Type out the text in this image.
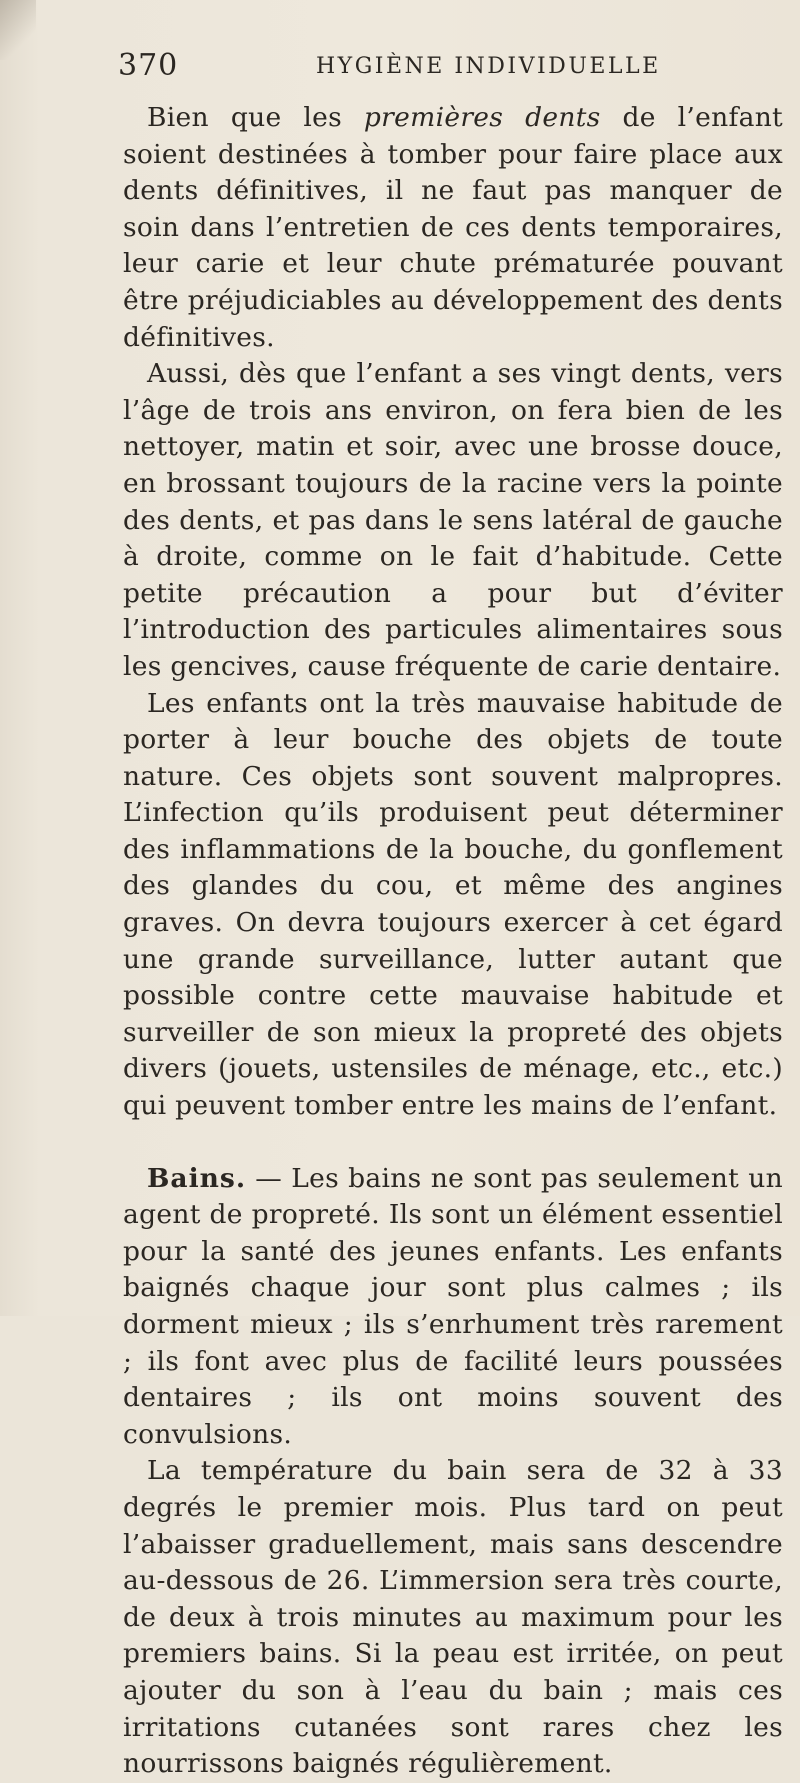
370	HYGIÈNE INDIVIDUELLE

Bien que les premières dents de l’enfant soient destinées à tomber pour faire place aux dents définitives, il ne faut pas manquer de soin dans l’entretien de ces dents temporaires, leur carie et leur chute prématurée pouvant être préjudiciables au développement des dents définitives.

Aussi, dès que l’enfant a ses vingt dents, vers l’âge de trois ans environ, on fera bien de les nettoyer, matin et soir, avec une brosse douce, en brossant toujours de la racine vers la pointe des dents, et pas dans le sens latéral de gauche à droite, comme on le fait d’habitude. Cette petite précaution a pour but d’éviter l’introduction des particules alimentaires sous les gencives, cause fréquente de carie dentaire.

Les enfants ont la très mauvaise habitude de porter à leur bouche des objets de toute nature. Ces objets sont souvent malpropres. L’infection qu’ils produisent peut déterminer des inflammations de la bouche, du gonflement des glandes du cou, et même des angines graves. On devra toujours exercer à cet égard une grande surveillance, lutter autant que possible contre cette mauvaise habitude et surveiller de son mieux la propreté des objets divers (jouets, ustensiles de ménage, etc., etc.) qui peuvent tomber entre les mains de l’enfant.

Bains. — Les bains ne sont pas seulement un agent de propreté. Ils sont un élément essentiel pour la santé des jeunes enfants. Les enfants baignés chaque jour sont plus calmes ; ils dorment mieux ; ils s’enrhument très rarement ; ils font avec plus de facilité leurs poussées dentaires ; ils ont moins souvent des convulsions.

La température du bain sera de 32 à 33 degrés le premier mois. Plus tard on peut l’abaisser graduellement, mais sans descendre au-dessous de 26. L’immersion sera très courte, de deux à trois minutes au maximum pour les premiers bains. Si la peau est irritée, on peut ajouter du son à l’eau du bain ; mais ces irritations cutanées sont rares chez les nourrissons baignés régulièrement.
